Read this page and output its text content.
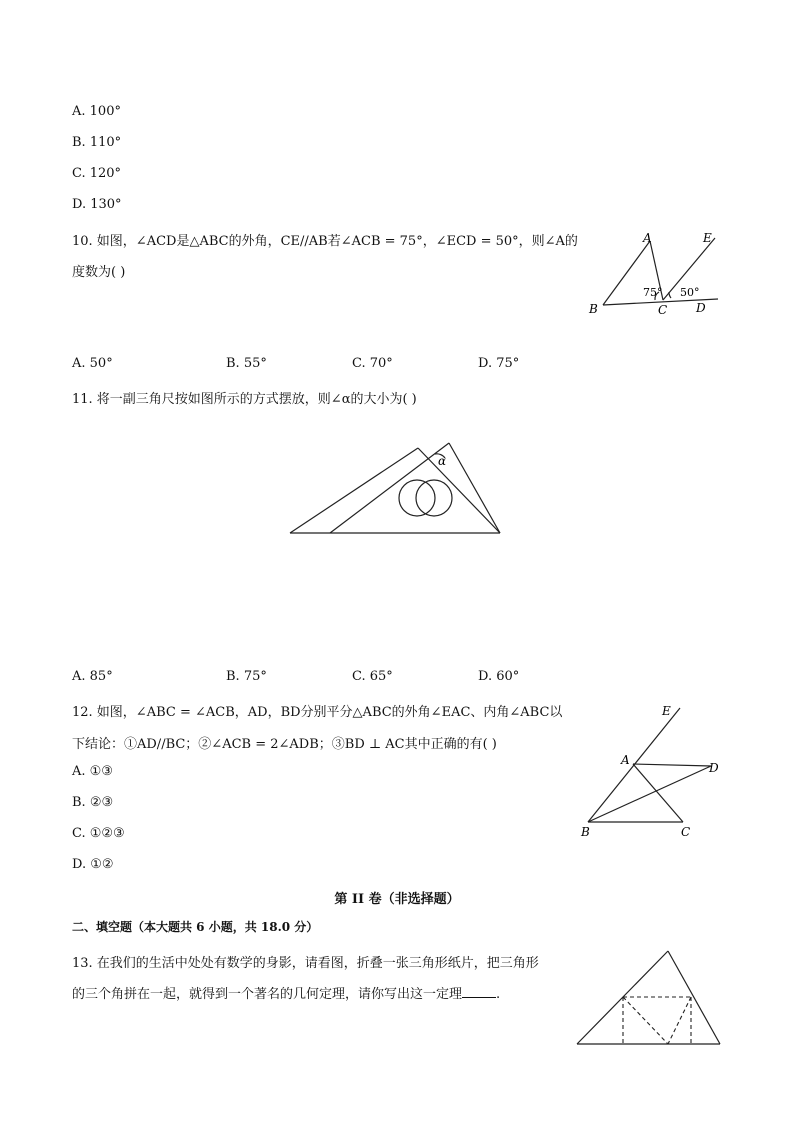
A. 100°
B. 110°
C. 120°
D. 130°
10. 如图，∠ACD是△ABC的外角，CE//AB若∠ACB = 75°，∠ECD = 50°，则∠A的
度数为( )
A	E
B	C D
75° 50°
A. 50°	B. 55°	C. 70°	D. 75°
11. 将一副三角尺按如图所示的方式摆放，则∠α的大小为( )
α
A. 85°	B. 75°	C. 65°	D. 60°
12. 如图，∠ABC = ∠ACB，AD，BD分别平分△ABC的外角∠EAC、内角∠ABC以
下结论：①AD//BC；②∠ACB = 2∠ADB；③BD ⊥ AC其中正确的有( )
E
A
D
B	C
A. ①③
B. ②③
C. ①②③
D. ①②
第 II 卷（非选择题）
二、填空题（本大题共 6 小题，共 18.0 分）
13. 在我们的生活中处处有数学的身影，请看图，折叠一张三角形纸片，把三角形
的三个角拼在一起，就得到一个著名的几何定理，请你写出这一定理	.
